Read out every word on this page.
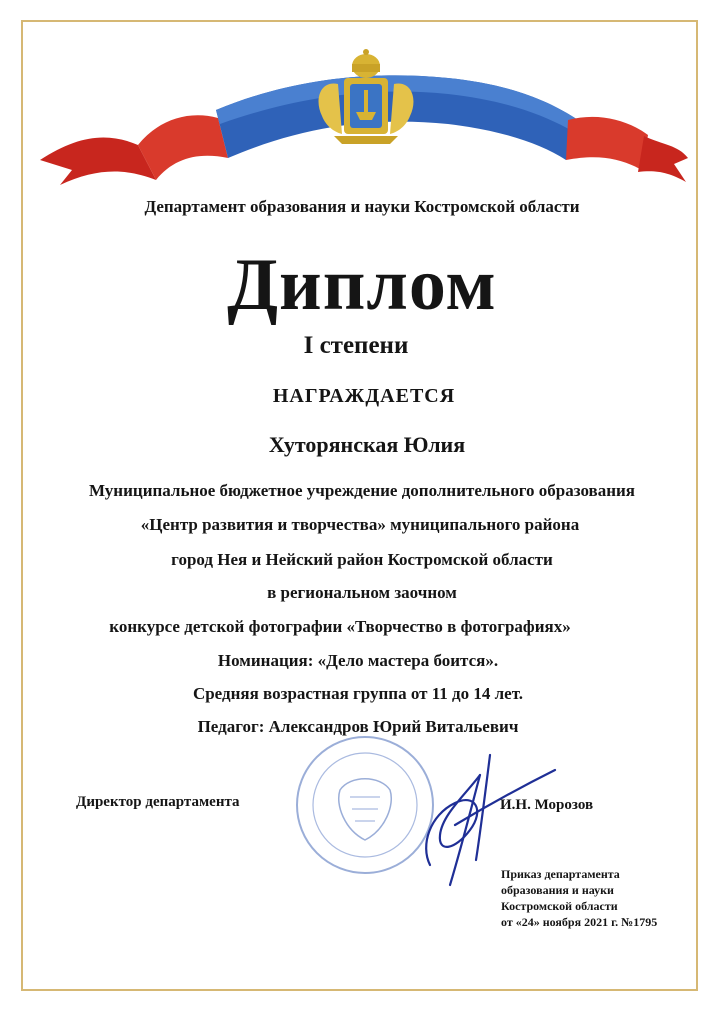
Департамент образования и науки Костромской области
Диплом
I степени
НАГРАЖДАЕТСЯ
Хуторянская Юлия
Муниципальное бюджетное учреждение дополнительного образования
«Центр развития и творчества» муниципального района
город Нея и Нейский район Костромской области
в региональном заочном
конкурсе детской фотографии «Творчество в фотографиях»
Номинация: «Дело мастера боится».
Средняя возрастная группа от 11 до 14 лет.
Педагог: Александров Юрий Витальевич
Директор департамента	И.Н. Морозов
Приказ департамента
образования и науки
Костромской области
от «24» ноября 2021 г. №1795
